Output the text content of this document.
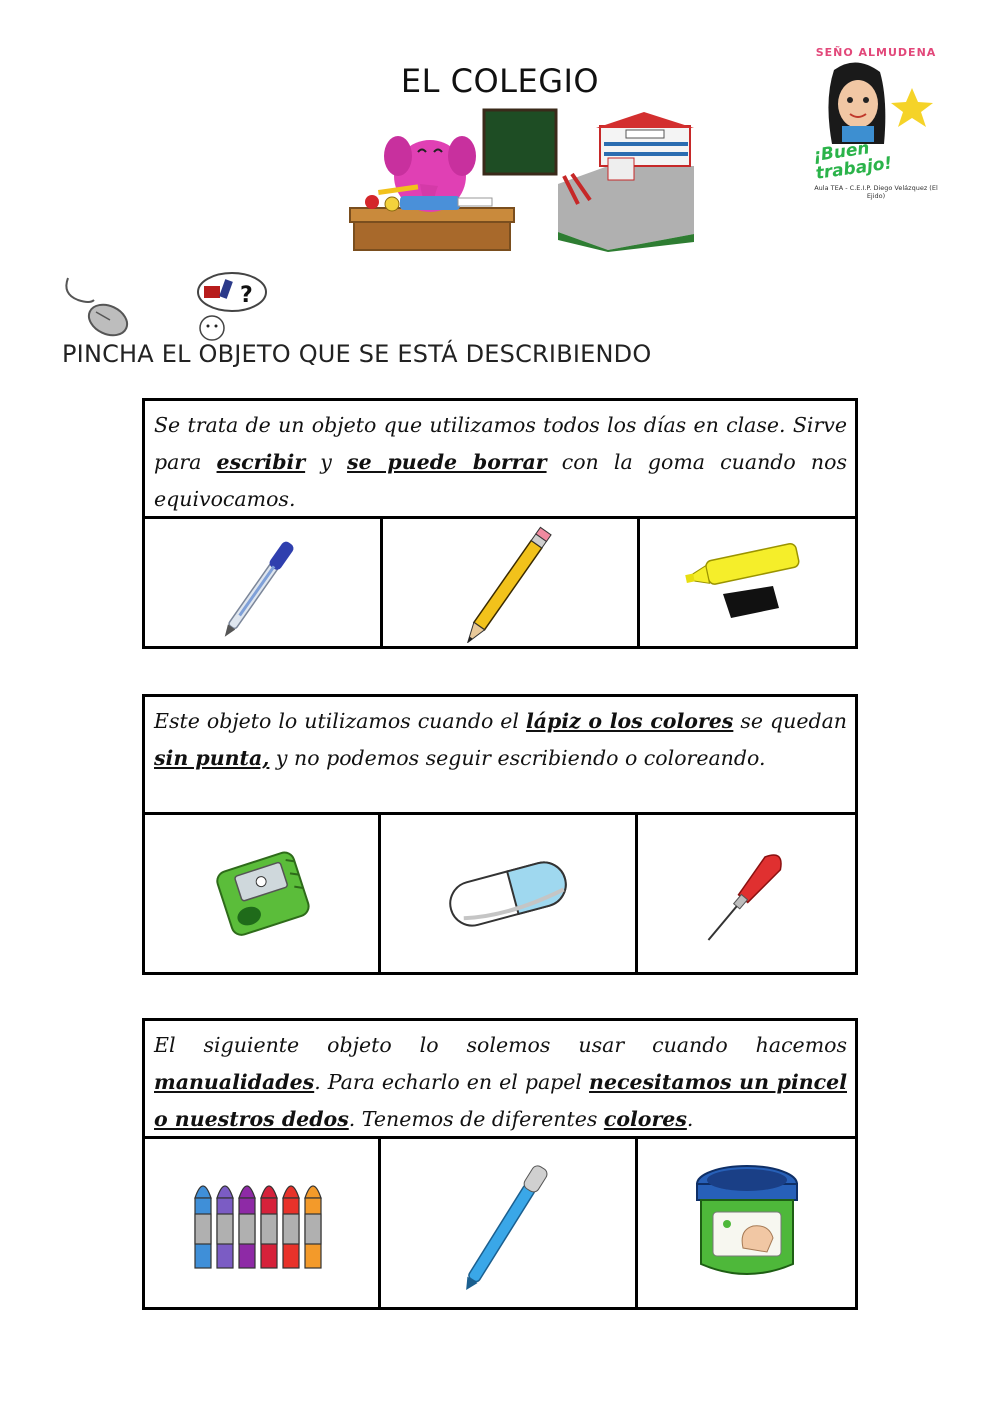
EL COLEGIO
SEÑO ALMUDENA
¡Buen trabajo!
Aula TEA - C.E.I.P. Diego Velázquez (El Ejido)
?
PINCHA EL OBJETO QUE SE ESTÁ DESCRIBIENDO
Se trata de un objeto que utilizamos todos los días en clase. Sirve para escribir y se puede borrar con la goma cuando nos equivocamos.
Este objeto lo utilizamos cuando el lápiz o los colores se quedan sin punta, y no podemos seguir escribiendo o coloreando.
El siguiente objeto lo solemos usar cuando hacemos manualidades. Para echarlo en el papel necesitamos un pincel o nuestros dedos. Tenemos de diferentes colores.
